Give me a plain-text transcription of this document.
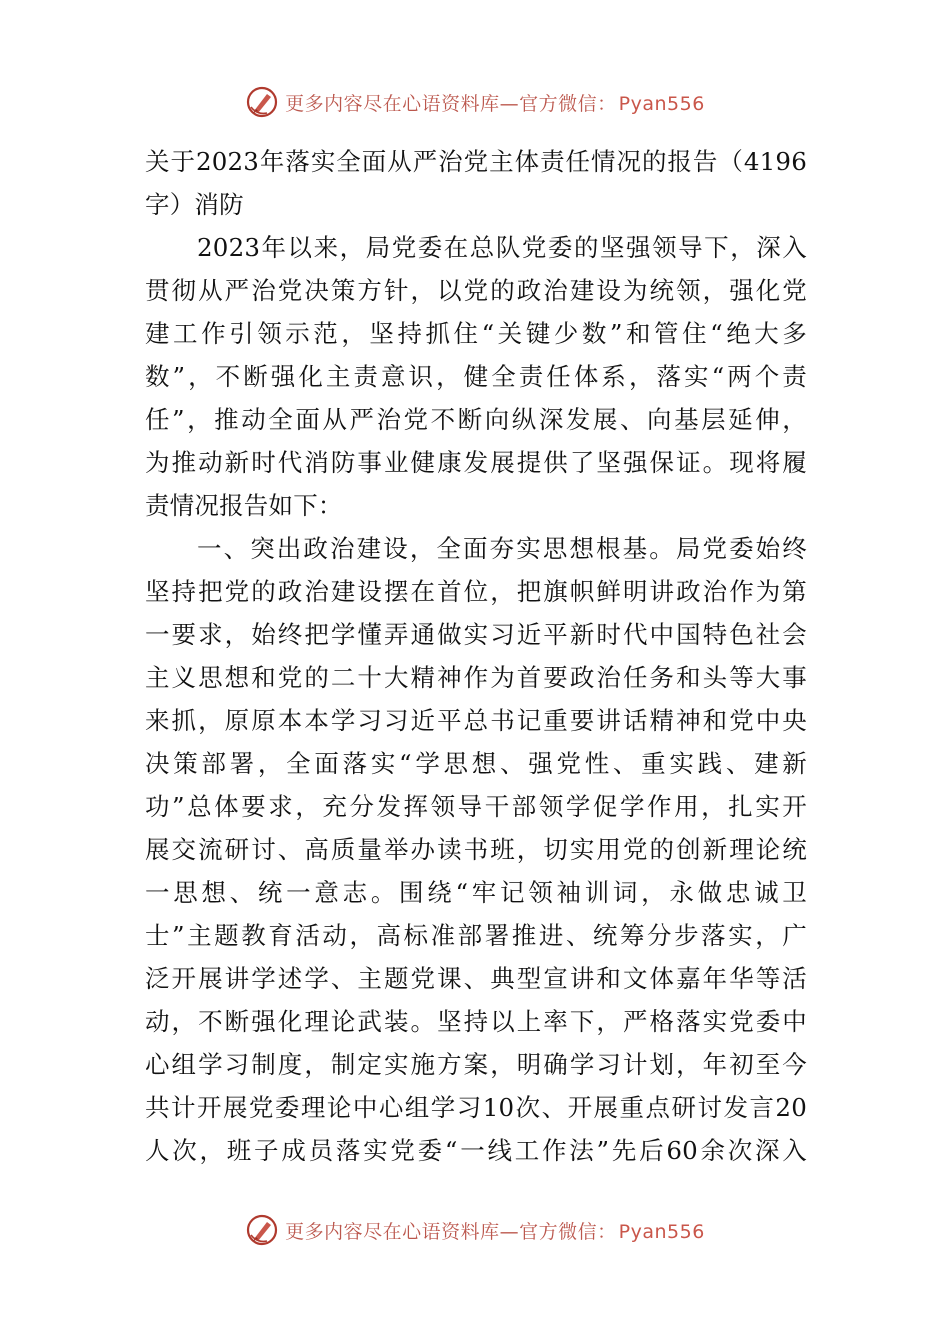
更多内容尽在心语资料库—官方微信： Pyan556
关于2023年落实全面从严治党主体责任情况的报告（4196
字）消防
2023年以来，局党委在总队党委的坚强领导下，深入
贯彻从严治党决策方针，以党的政治建设为统领，强化党
建工作引领示范，坚持抓住“关键少数”和管住“绝大多
数”，不断强化主责意识，健全责任体系，落实“两个责
任”，推动全面从严治党不断向纵深发展、向基层延伸，
为推动新时代消防事业健康发展提供了坚强保证。现将履
责情况报告如下：
一、突出政治建设，全面夯实思想根基。局党委始终
坚持把党的政治建设摆在首位，把旗帜鲜明讲政治作为第
一要求，始终把学懂弄通做实习近平新时代中国特色社会
主义思想和党的二十大精神作为首要政治任务和头等大事
来抓，原原本本学习习近平总书记重要讲话精神和党中央
决策部署，全面落实“学思想、强党性、重实践、建新
功”总体要求，充分发挥领导干部领学促学作用，扎实开
展交流研讨、高质量举办读书班，切实用党的创新理论统
一思想、统一意志。围绕“牢记领袖训词，永做忠诚卫
士”主题教育活动，高标准部署推进、统筹分步落实，广
泛开展讲学述学、主题党课、典型宣讲和文体嘉年华等活
动，不断强化理论武装。坚持以上率下，严格落实党委中
心组学习制度，制定实施方案，明确学习计划，年初至今
共计开展党委理论中心组学习10次、开展重点研讨发言20
人次，班子成员落实党委“一线工作法”先后60余次深入
更多内容尽在心语资料库—官方微信： Pyan556
